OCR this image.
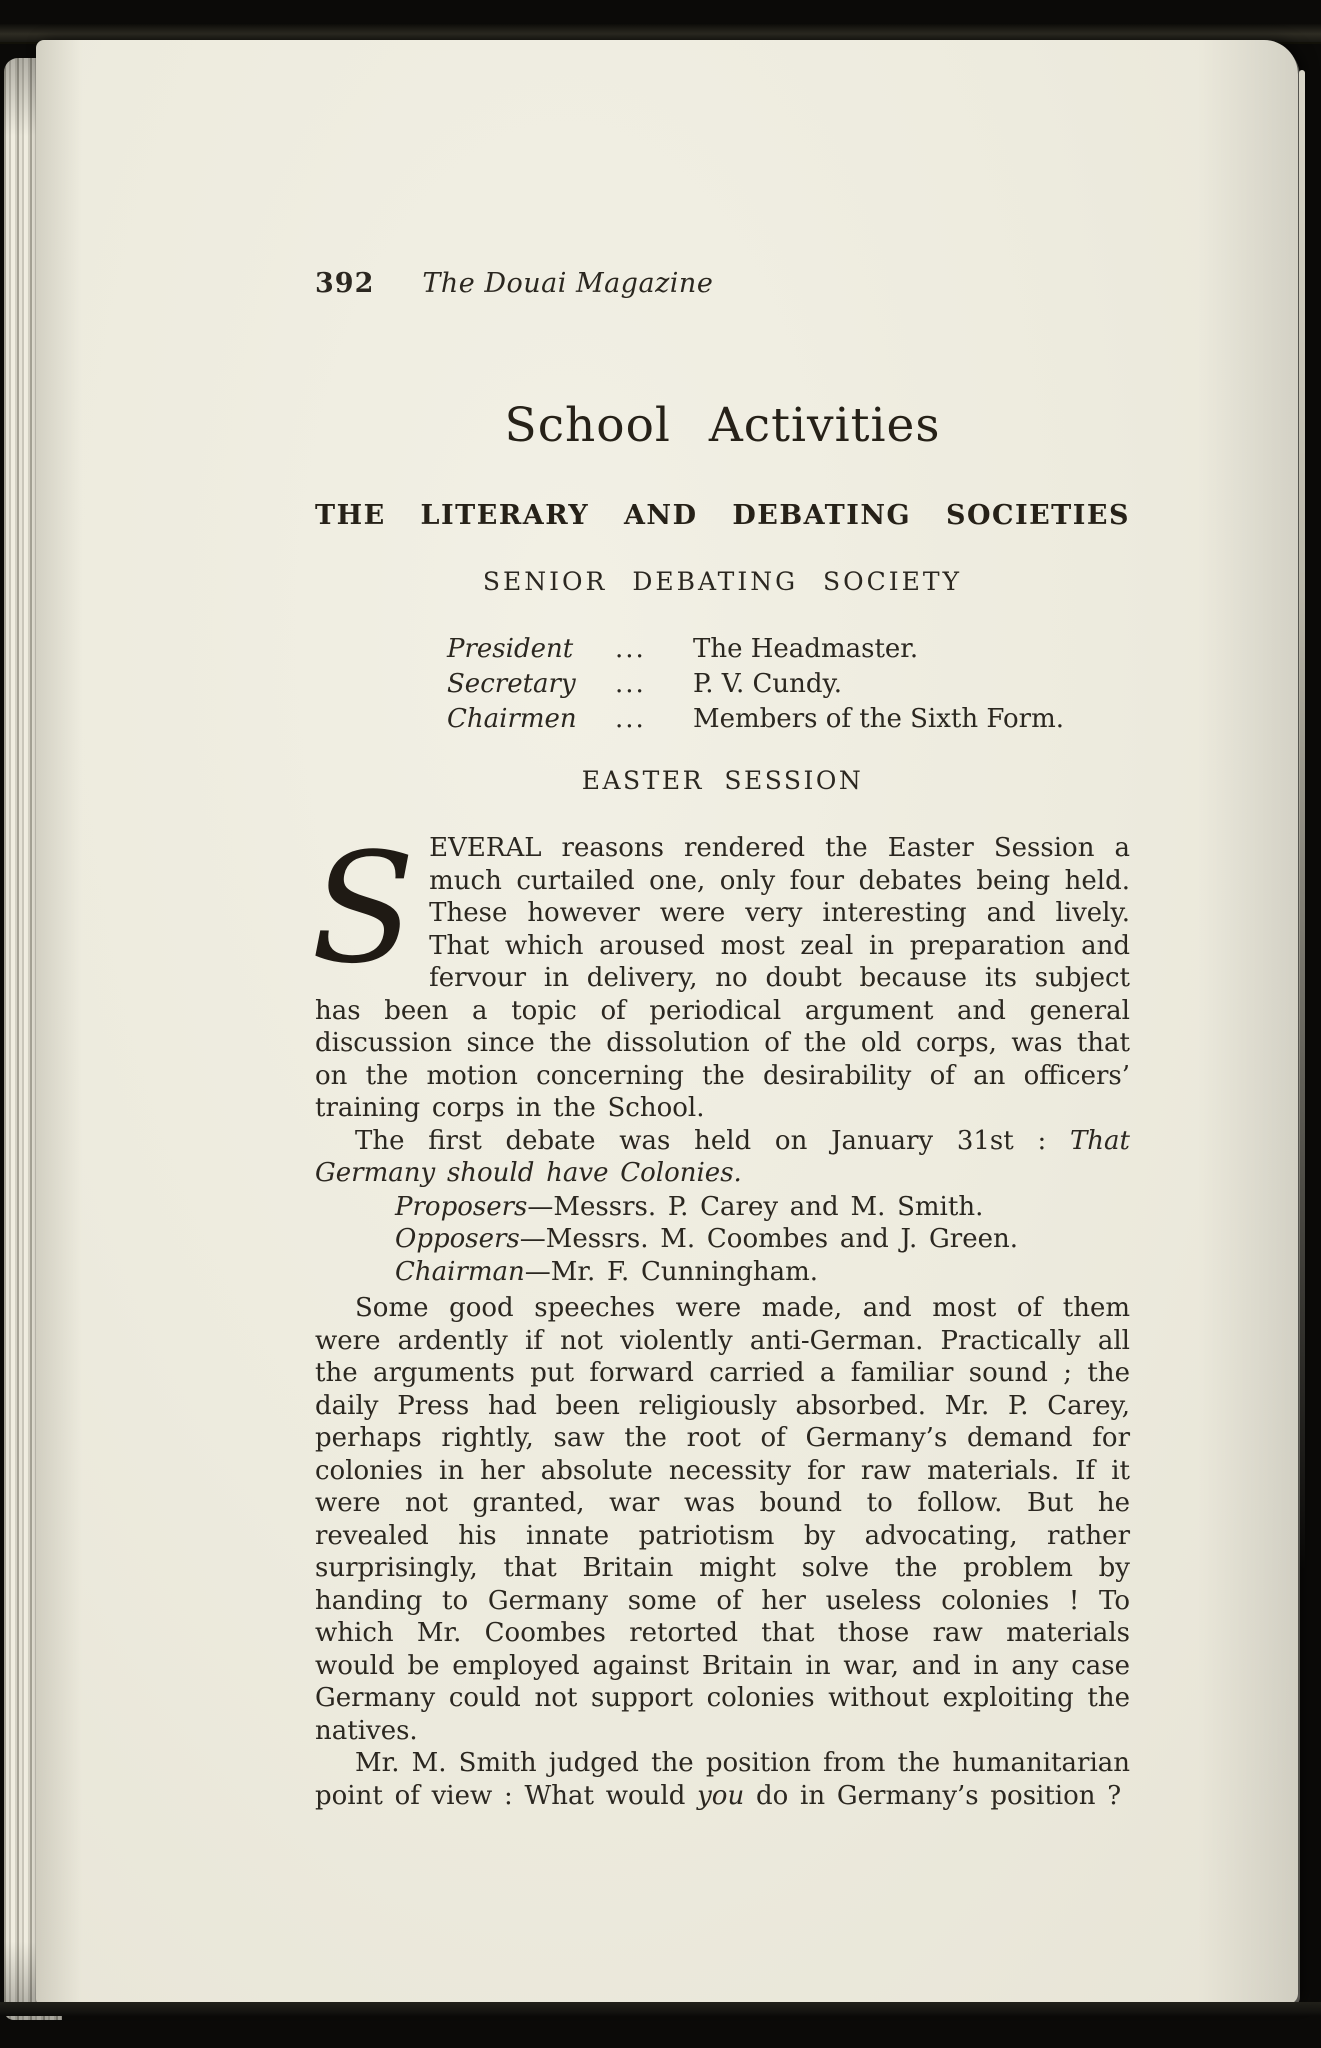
392 The Douai Magazine
School Activities
THE LITERARY AND DEBATING SOCIETIES
SENIOR DEBATING SOCIETY
President	...	The Headmaster.
Secretary	...	P. V. Cundy.
Chairmen	...	Members of the Sixth Form.
EASTER SESSION

SEVERAL reasons rendered the Easter Session a much curtailed one, only four debates being held. These however were very interesting and lively. That which aroused most zeal in preparation and fervour in delivery, no doubt because its subject has been a topic of periodical argument and general discussion since the dissolution of the old corps, was that on the motion concerning the desirability of an officers’ training corps in the School.

The first debate was held on January 31st : That Germany should have Colonies.

Proposers—Messrs. P. Carey and M. Smith.
Opposers—Messrs. M. Coombes and J. Green.
Chairman—Mr. F. Cunningham.

Some good speeches were made, and most of them were ardently if not violently anti-German. Practically all the arguments put forward carried a familiar sound ; the daily Press had been religiously absorbed. Mr. P. Carey, perhaps rightly, saw the root of Germany’s demand for colonies in her absolute necessity for raw materials. If it were not granted, war was bound to follow. But he revealed his innate patriotism by advocating, rather surprisingly, that Britain might solve the problem by handing to Germany some of her useless colonies ! To which Mr. Coombes retorted that those raw materials would be employed against Britain in war, and in any case Germany could not support colonies without exploiting the natives.

Mr. M. Smith judged the position from the humanitarian point of view : What would you do in Germany’s position ?
